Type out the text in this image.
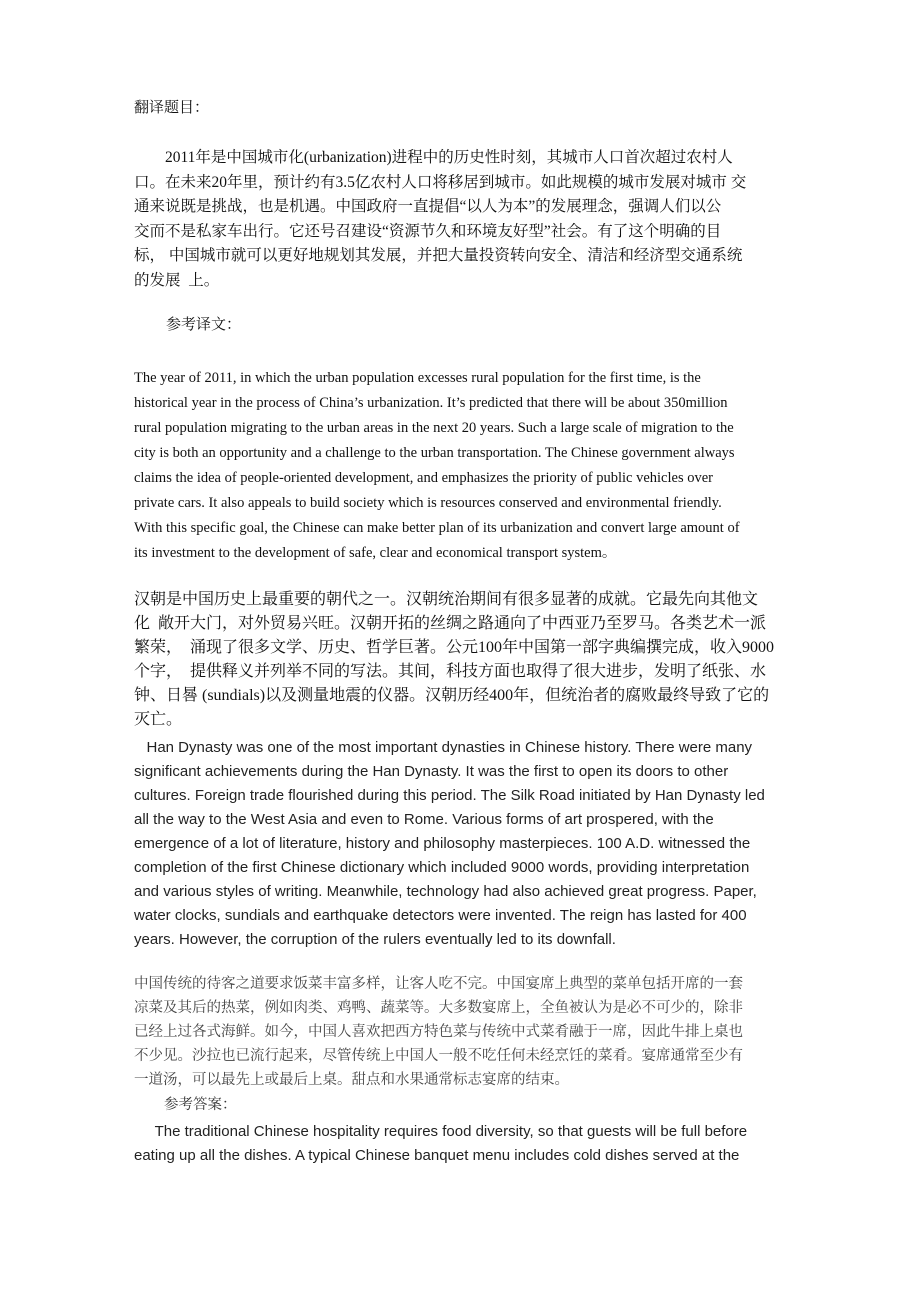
翻译题目：
　　2011年是中国城市化(urbanization)进程中的历史性时刻，其城市人口首次超过农村人
口。在未来20年里，预计约有3.5亿农村人口将移居到城市。如此规模的城市发展对城市 交
通来说既是挑战，也是机遇。中国政府一直提倡“以人为本”的发展理念，强调人们以公
交而不是私家车出行。它还号召建设“资源节久和环境友好型”社会。有了这个明确的目
标， 中国城市就可以更好地规划其发展，并把大量投资转向安全、清洁和经济型交通系统
的发展  上。
参考译文：
The year of 2011, in which the urban population excesses rural population for the first time, is the
historical year in the process of China’s urbanization. It’s predicted that there will be about 350million
rural population migrating to the urban areas in the next 20 years. Such a large scale of migration to the
city is both an opportunity and a challenge to the urban transportation. The Chinese government always
claims the idea of people-oriented development, and emphasizes the priority of public vehicles over
private cars. It also appeals to build society which is resources conserved and environmental friendly.
With this specific goal, the Chinese can make better plan of its urbanization and convert large amount of
its investment to the development of safe, clear and economical transport system。
汉朝是中国历史上最重要的朝代之一。汉朝统治期间有很多显著的成就。它最先向其他文
化  敞开大门，对外贸易兴旺。汉朝开拓的丝绸之路通向了中西亚乃至罗马。各类艺术一派
繁荣，  涌现了很多文学、历史、哲学巨著。公元100年中国第一部字典编撰完成，收入9000
个字，  提供释义并列举不同的写法。其间，科技方面也取得了很大进步，发明了纸张、水
钟、日晷 (sundials)以及测量地震的仪器。汉朝历经400年，但统治者的腐败最终导致了它的
灭亡。
Han Dynasty was one of the most important dynasties in Chinese history. There were many
significant achievements during the Han Dynasty. It was the first to open its doors to other
cultures. Foreign trade flourished during this period. The Silk Road initiated by Han Dynasty led
all the way to the West Asia and even to Rome. Various forms of art prospered, with the
emergence of a lot of literature, history and philosophy masterpieces. 100 A.D. witnessed the
completion of the first Chinese dictionary which included 9000 words, providing interpretation
and various styles of writing. Meanwhile, technology had also achieved great progress. Paper,
water clocks, sundials and earthquake detectors were invented. The reign has lasted for 400
years. However, the corruption of the rulers eventually led to its downfall.
中国传统的待客之道要求饭菜丰富多样，让客人吃不完。中国宴席上典型的菜单包括开席的一套
凉菜及其后的热菜，例如肉类、鸡鸭、蔬菜等。大多数宴席上，全鱼被认为是必不可少的，除非
已经上过各式海鲜。如今，中国人喜欢把西方特色菜与传统中式菜肴融于一席，因此牛排上桌也
不少见。沙拉也已流行起来，尽管传统上中国人一般不吃任何未经烹饪的菜肴。宴席通常至少有
一道汤，可以最先上或最后上桌。甜点和水果通常标志宴席的结束。
参考答案：
The traditional Chinese hospitality requires food diversity, so that guests will be full before
eating up all the dishes. A typical Chinese banquet menu includes cold dishes served at the
